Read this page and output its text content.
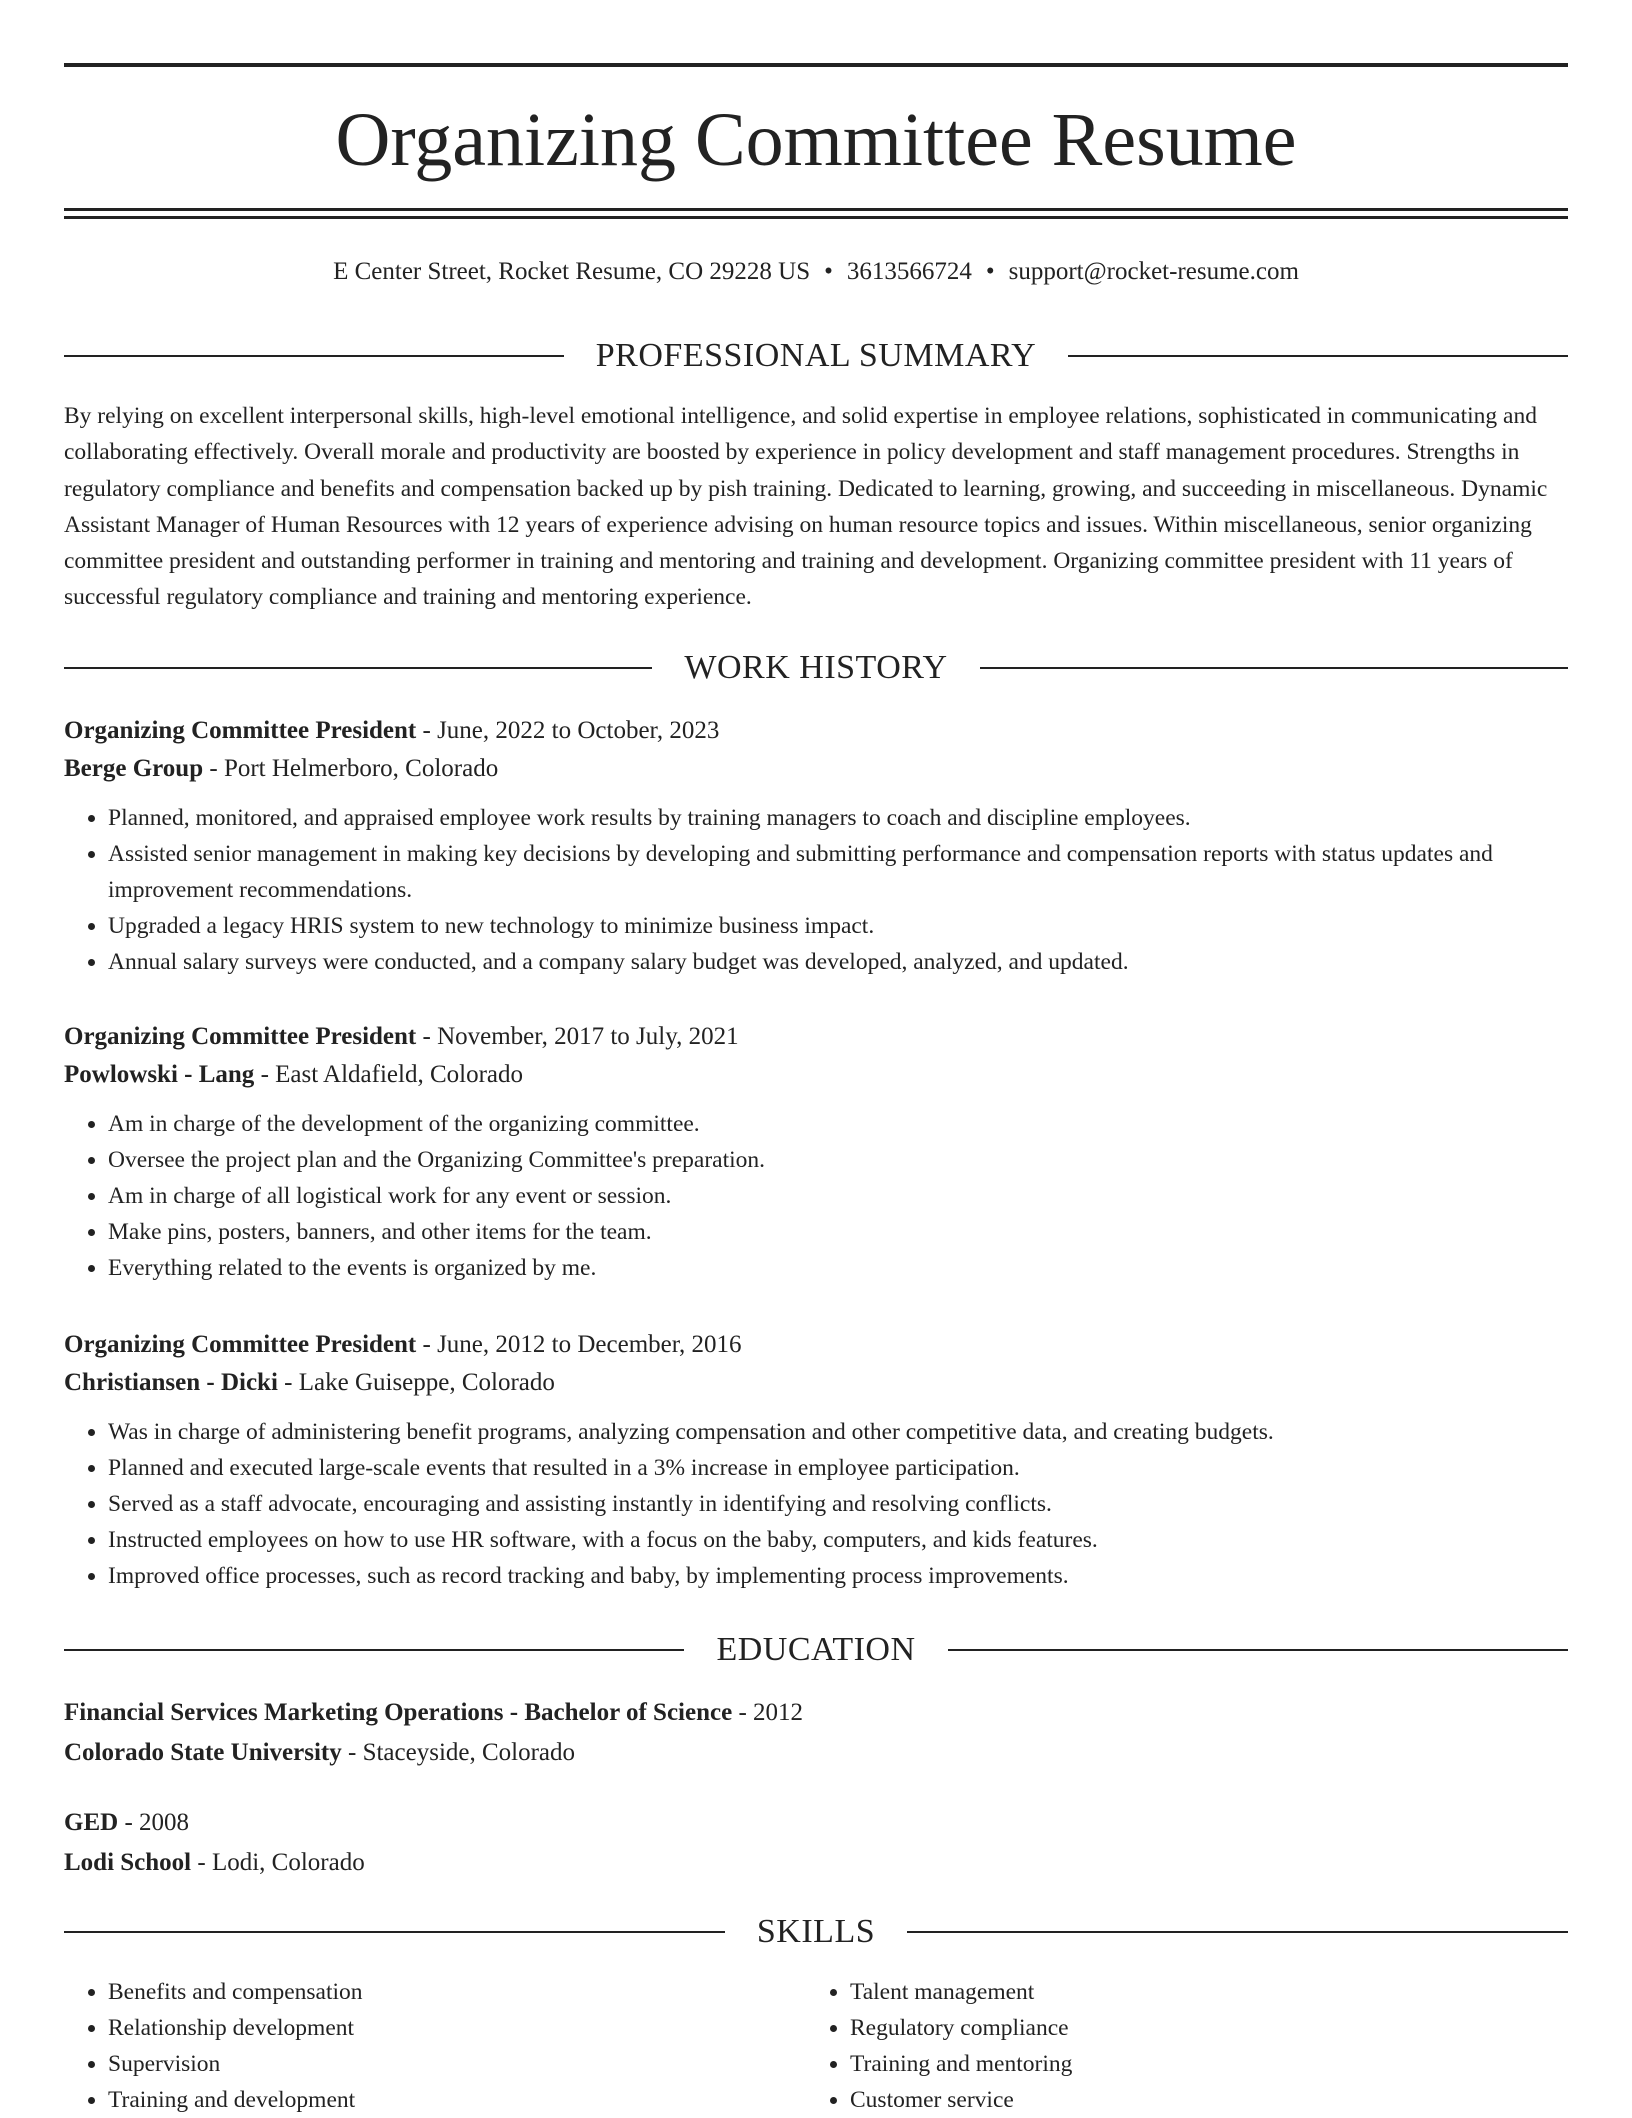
Organizing Committee Resume
E Center Street, Rocket Resume, CO 29228 US • 3613566724 • support@rocket-resume.com
PROFESSIONAL SUMMARY

By relying on excellent interpersonal skills, high-level emotional intelligence, and solid expertise in employee relations, sophisticated in communicating and collaborating effectively. Overall morale and productivity are boosted by experience in policy development and staff management procedures. Strengths in regulatory compliance and benefits and compensation backed up by pish training. Dedicated to learning, growing, and succeeding in miscellaneous. Dynamic Assistant Manager of Human Resources with 12 years of experience advising on human resource topics and issues. Within miscellaneous, senior organizing committee president and outstanding performer in training and mentoring and training and development. Organizing committee president with 11 years of successful regulatory compliance and training and mentoring experience.

WORK HISTORY
Organizing Committee President - June, 2022 to October, 2023
Berge Group - Port Helmerboro, Colorado
• Planned, monitored, and appraised employee work results by training managers to coach and discipline employees.
• Assisted senior management in making key decisions by developing and submitting performance and compensation reports with status updates and improvement recommendations.
• Upgraded a legacy HRIS system to new technology to minimize business impact.
• Annual salary surveys were conducted, and a company salary budget was developed, analyzed, and updated.
Organizing Committee President - November, 2017 to July, 2021
Powlowski - Lang - East Aldafield, Colorado
• Am in charge of the development of the organizing committee.
• Oversee the project plan and the Organizing Committee's preparation.
• Am in charge of all logistical work for any event or session.
• Make pins, posters, banners, and other items for the team.
• Everything related to the events is organized by me.
Organizing Committee President - June, 2012 to December, 2016
Christiansen - Dicki - Lake Guiseppe, Colorado
• Was in charge of administering benefit programs, analyzing compensation and other competitive data, and creating budgets.
• Planned and executed large-scale events that resulted in a 3% increase in employee participation.
• Served as a staff advocate, encouraging and assisting instantly in identifying and resolving conflicts.
• Instructed employees on how to use HR software, with a focus on the baby, computers, and kids features.
• Improved office processes, such as record tracking and baby, by implementing process improvements.
EDUCATION
Financial Services Marketing Operations - Bachelor of Science - 2012
Colorado State University - Staceyside, Colorado
GED - 2008
Lodi School - Lodi, Colorado
SKILLS
• Benefits and compensation
• Relationship development
• Supervision
• Training and development
• Talent management
• Regulatory compliance
• Training and mentoring
• Customer service
